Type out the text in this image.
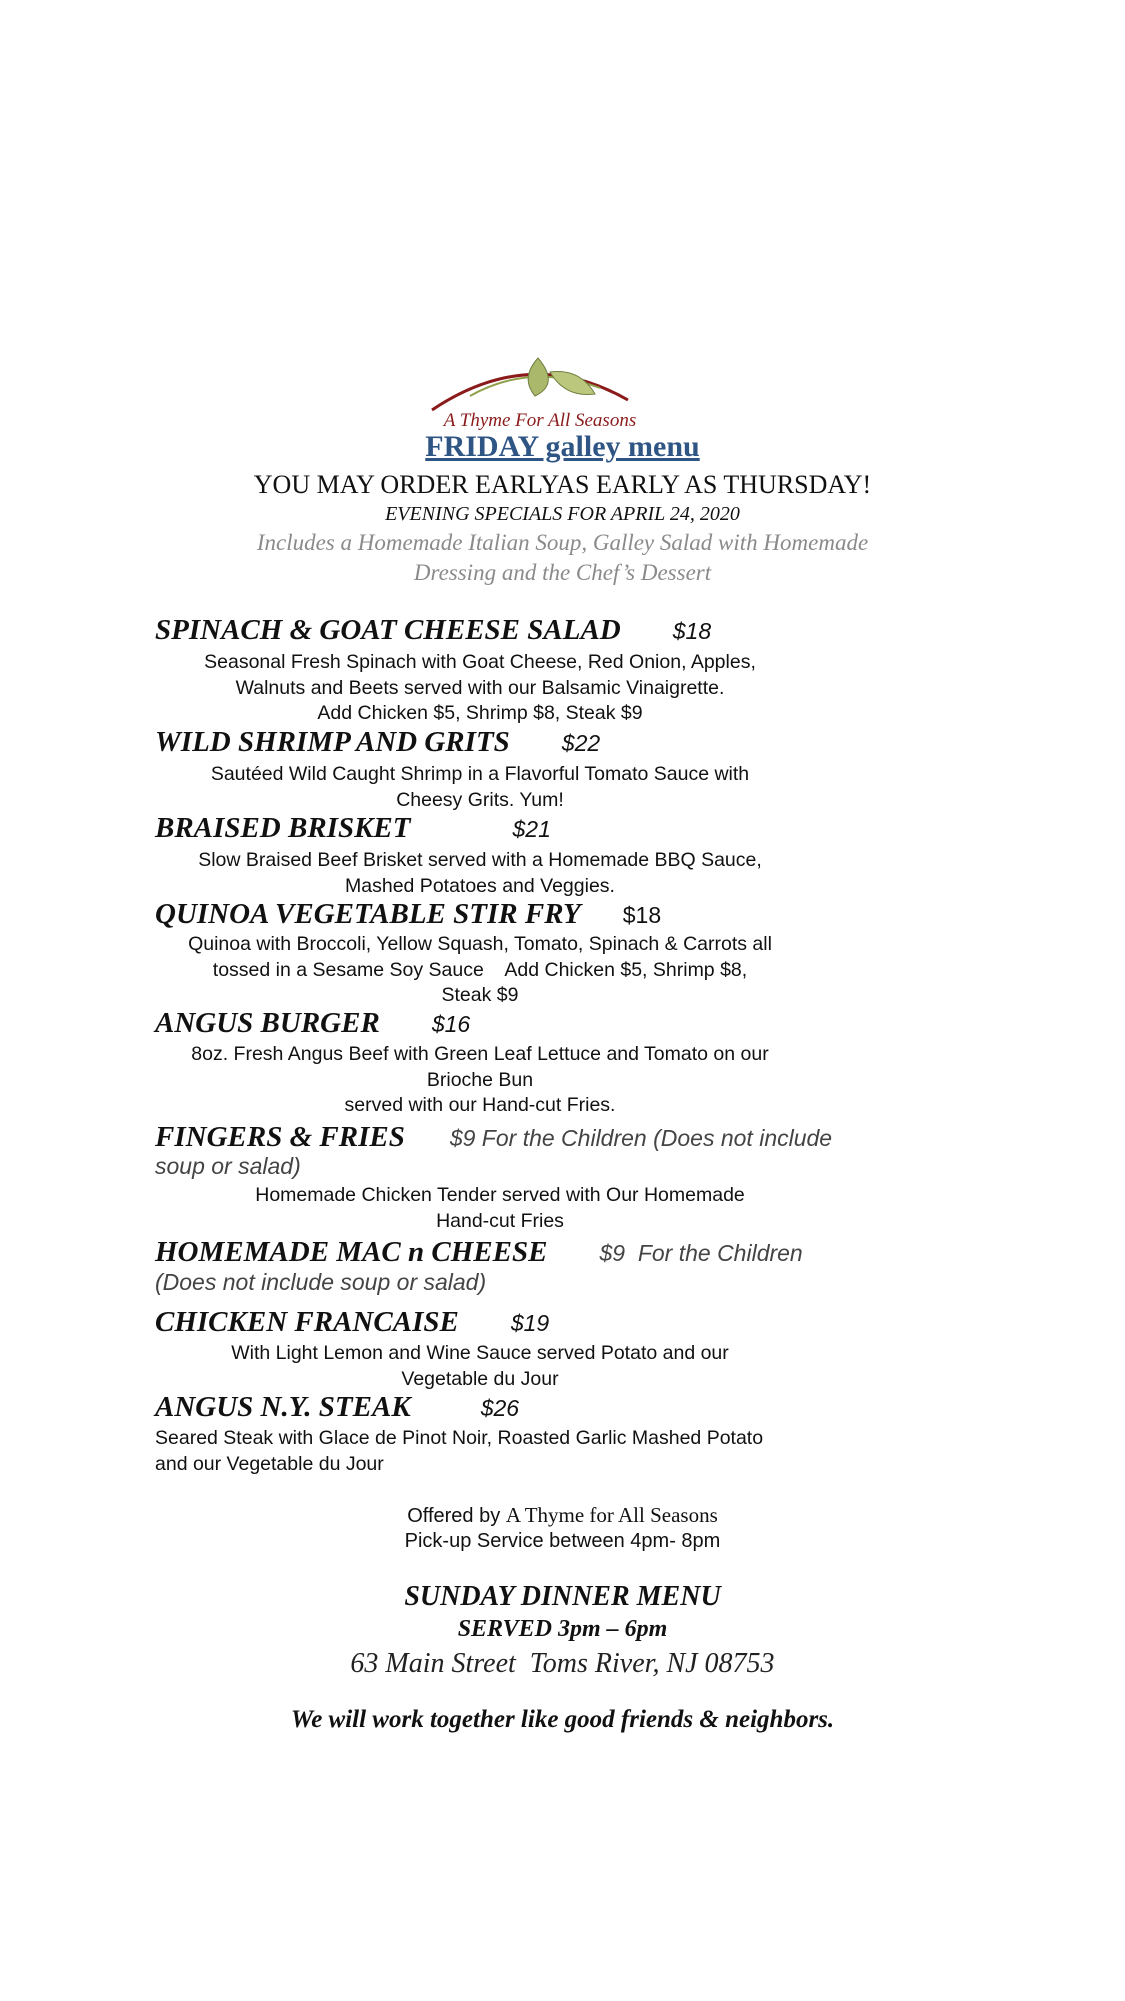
A Thyme For All Seasons
FRIDAY galley menu
YOU MAY ORDER EARLYAS EARLY AS THURSDAY!
EVENING SPECIALS FOR APRIL 24, 2020
Includes a Homemade Italian Soup, Galley Salad with Homemade
Dressing and the Chef’s Dessert
SPINACH & GOAT CHEESE SALAD $18
Seasonal Fresh Spinach with Goat Cheese, Red Onion, Apples,
Walnuts and Beets served with our Balsamic Vinaigrette.
Add Chicken $5, Shrimp $8, Steak $9
WILD SHRIMP AND GRITS $22
Sautéed Wild Caught Shrimp in a Flavorful Tomato Sauce with
Cheesy Grits. Yum!
BRAISED BRISKET	$21
Slow Braised Beef Brisket served with a Homemade BBQ Sauce,
Mashed Potatoes and Veggies.
QUINOA VEGETABLE STIR FRY $18
Quinoa with Broccoli, Yellow Squash, Tomato, Spinach & Carrots all
tossed in a Sesame Soy Sauce    Add Chicken $5, Shrimp $8,
Steak $9
ANGUS BURGER $16
8oz. Fresh Angus Beef with Green Leaf Lettuce and Tomato on our
Brioche Bun
served with our Hand-cut Fries.
FINGERS & FRIES $9 For the Children (Does not include
soup or salad)
Homemade Chicken Tender served with Our Homemade
Hand-cut Fries
HOMEMADE MAC n CHEESE $9  For the Children
(Does not include soup or salad)
CHICKEN FRANCAISE $19
With Light Lemon and Wine Sauce served Potato and our
Vegetable du Jour
ANGUS N.Y. STEAK	$26
Seared Steak with Glace de Pinot Noir, Roasted Garlic Mashed Potato
and our Vegetable du Jour
Offered by A Thyme for All Seasons
Pick-up Service between 4pm- 8pm
SUNDAY DINNER MENU
SERVED 3pm – 6pm
63 Main Street  Toms River, NJ 08753
We will work together like good friends & neighbors.
